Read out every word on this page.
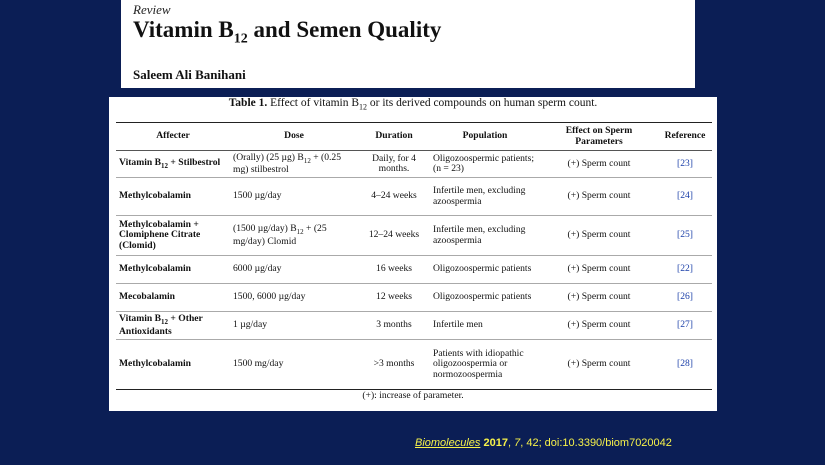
Review
Vitamin $B_{12}$ and Semen Quality
Saleem Ali Banihani
Table 1. Effect of vitamin $B_{12}$ or its derived compounds on human sperm count.
Affecter	Dose	Duration	Population	Effect on Sperm Parameters	Reference
Vitamin $B_{12}$ + Stilbestrol	(Orally) (25 µg) $B_{12} + (0.25$ mg) stilbestrol	Daily, for 4 months.	Oligozoospermic patients; (n = 23)	(+) Sperm count	[23]
Methylcobalamin	1500 µg/day	4–24 weeks	Infertile men, excluding azoospermia	(+) Sperm count	[24]
Methylcobalamin + Clomiphene Citrate (Clomid)	(1500 µg/day) $B_{12} + (25$ mg/day) Clomid	12–24 weeks	Infertile men, excluding azoospermia	(+) Sperm count	[25]
Methylcobalamin	6000 µg/day	16 weeks	Oligozoospermic patients	(+) Sperm count	[22]
Mecobalamin	1500, 6000 µg/day	12 weeks	Oligozoospermic patients	(+) Sperm count	[26]
Vitamin $B_{12}$ + Other Antioxidants	1 µg/day	3 months	Infertile men	(+) Sperm count	[27]
Methylcobalamin	1500 mg/day	>3 months	Patients with idiopathic oligozoospermia or normozoospermia	(+) Sperm count	[28]
(+): increase of parameter.
Biomolecules 2017, 7, 42; doi:10.3390/biom7020042
